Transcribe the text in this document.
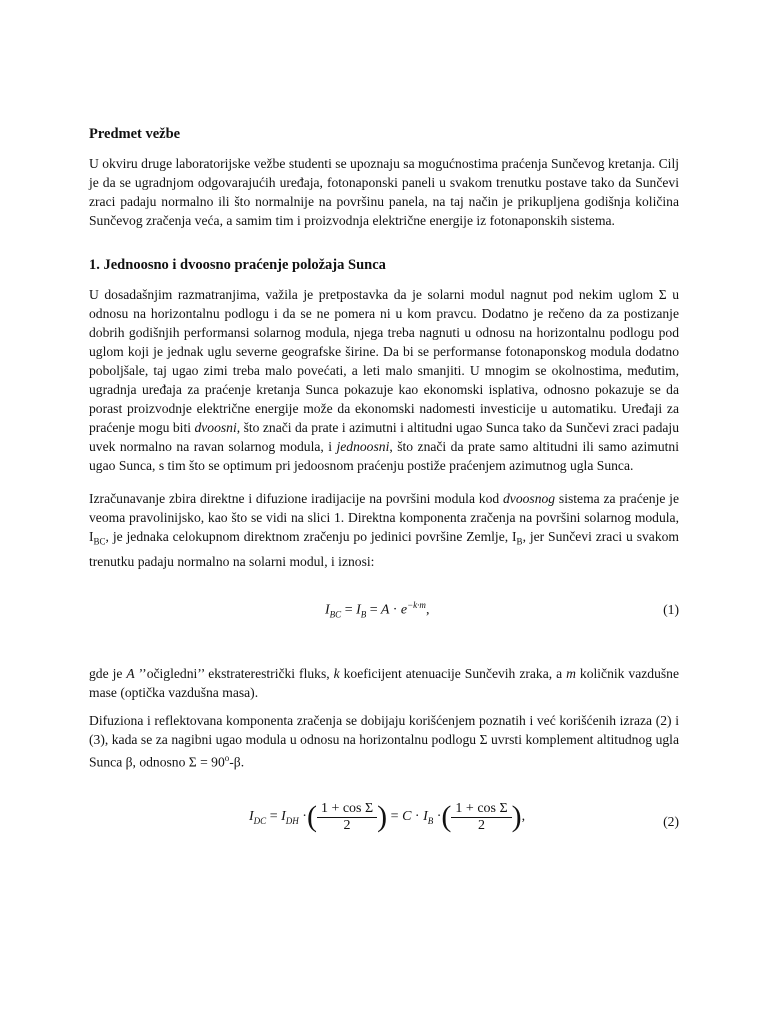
Predmet vežbe

U okviru druge laboratorijske vežbe studenti se upoznaju sa mogućnostima praćenja Sunčevog kretanja. Cilj je da se ugradnjom odgovarajućih uređaja, fotonaponski paneli u svakom trenutku postave tako da Sunčevi zraci padaju normalno ili što normalnije na površinu panela, na taj način je prikupljena godišnja količina Sunčevog zračenja veća, a samim tim i proizvodnja električne energije iz fotonaponskih sistema.

1. Jednoosno i dvoosno praćenje položaja Sunca

U dosadašnjim razmatranjima, važila je pretpostavka da je solarni modul nagnut pod nekim uglom Σ u odnosu na horizontalnu podlogu i da se ne pomera ni u kom pravcu. Dodatno je rečeno da za postizanje dobrih godišnjih performansi solarnog modula, njega treba nagnuti u odnosu na horizontalnu podlogu pod uglom koji je jednak uglu severne geografske širine. Da bi se performanse fotonaponskog modula dodatno poboljšale, taj ugao zimi treba malo povećati, a leti malo smanjiti. U mnogim se okolnostima, međutim, ugradnja uređaja za praćenje kretanja Sunca pokazuje kao ekonomski isplativa, odnosno pokazuje se da porast proizvodnje električne energije može da ekonomski nadomesti investicije u automatiku. Uređaji za praćenje mogu biti dvoosni, što znači da prate i azimutni i altitudni ugao Sunca tako da Sunčevi zraci padaju uvek normalno na ravan solarnog modula, i jednoosni, što znači da prate samo altitudni ili samo azimutni ugao Sunca, s tim što se optimum pri jedoosnom praćenju postiže praćenjem azimutnog ugla Sunca.

Izračunavanje zbira direktne i difuzione iradijacije na površini modula kod dvoosnog sistema za praćenje je veoma pravolinijsko, kao što se vidi na slici 1. Direktna komponenta zračenja na površini solarnog modula, $I_{BC}$, je jednaka celokupnom direktnom zračenju po jedinici površine Zemlje, $I_B$, jer Sunčevi zraci u svakom trenutku padaju normalno na solarni modul, i iznosi:

$I_{BC} = I_B = A \cdot e^{-k\cdot m}$,	(1)

gde je A ’’očigledni’’ ekstraterestrički fluks, k koeficijent atenuacije Sunčevih zraka, a m količnik vazdušne mase (optička vazdušna masa).

Difuziona i reflektovana komponenta zračenja se dobijaju korišćenjem poznatih i već korišćenih izraza (2) i (3), kada se za nagibni ugao modula u odnosu na horizontalnu podlogu Σ uvrsti komplement altitudnog ugla Sunca β, odnosno $\Sigma = 90^o-\beta$.

$I_{DC} = I_{DH}$ ·( $\frac{\text{1 + cos Σ}}{2}$ ) = $C \cdot I_B$ ·( $\frac{\text{1 + cos Σ}}{2}$ ),	(2)
